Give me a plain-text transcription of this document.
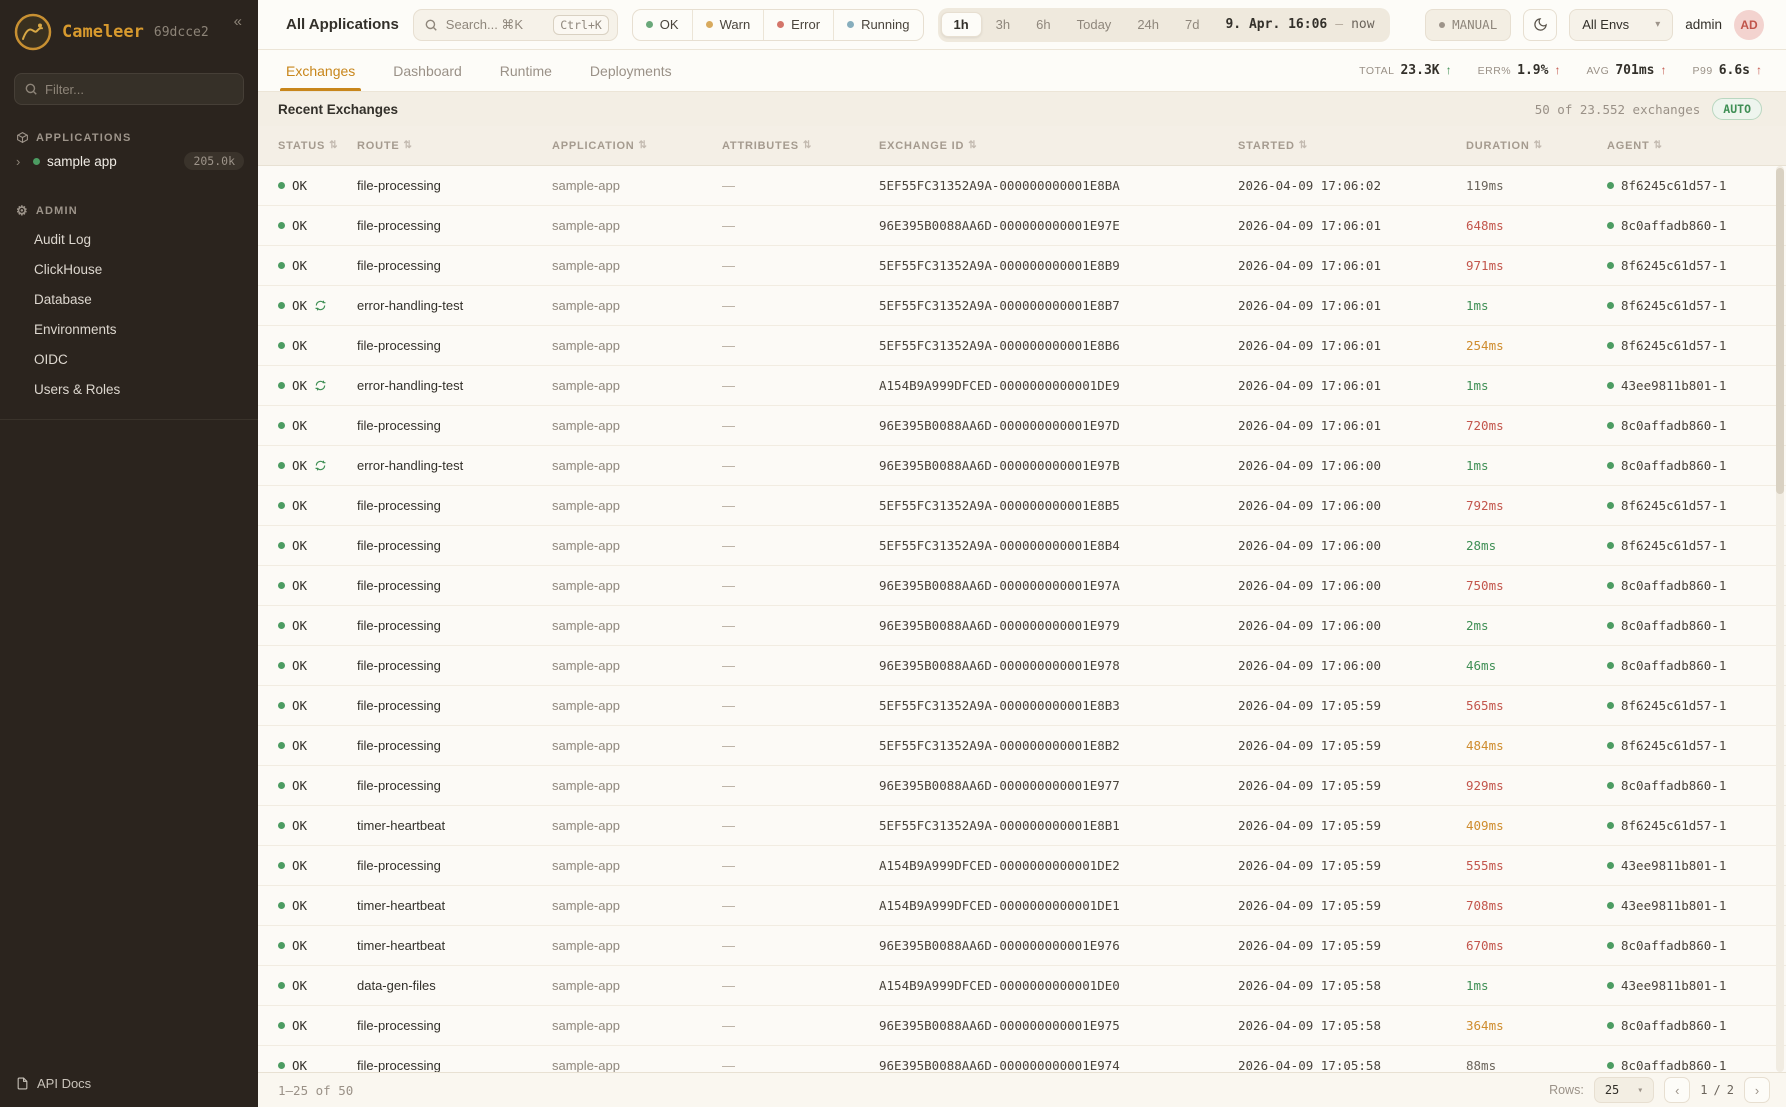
Cameleer 69dcce2
«
Filter...
APPLICATIONS
›	sample app	205.0k
⚙ ADMIN
Audit Log
ClickHouse
Database
Environments
OIDC
Users & Roles
API Docs
All Applications	Search... ⌘K	Ctrl+K	OK	Warn	Error	Running	1h	3h	6h	Today	24h	7d	9. Apr. 16:06 — now	MANUAL	All Envs	▾ admin	AD
Exchanges	Dashboard	Runtime	Deployments	TOTAL 23.3K ↑ ERR% 1.9% ↑ AVG 701ms ↑ P99 6.6s ↑
Recent Exchanges	50 of 23.552 exchanges	AUTO
STATUS ⇅ ROUTE ⇅	APPLICATION ⇅	ATTRIBUTES ⇅	EXCHANGE ID ⇅	STARTED ⇅	DURATION ⇅	AGENT ⇅
OK	file-processing	sample-app	—	5EF55FC31352A9A-000000000001E8BA	2026-04-09 17:06:02	119ms	8f6245c61d57-1
OK	file-processing	sample-app	—	96E395B0088AA6D-000000000001E97E	2026-04-09 17:06:01	648ms	8c0affadb860-1
OK	file-processing	sample-app	—	5EF55FC31352A9A-000000000001E8B9	2026-04-09 17:06:01	971ms	8f6245c61d57-1
OK	error-handling-test	sample-app	—	5EF55FC31352A9A-000000000001E8B7	2026-04-09 17:06:01	1ms	8f6245c61d57-1
OK	file-processing	sample-app	—	5EF55FC31352A9A-000000000001E8B6	2026-04-09 17:06:01	254ms	8f6245c61d57-1
OK	error-handling-test	sample-app	—	A154B9A999DFCED-0000000000001DE9	2026-04-09 17:06:01	1ms	43ee9811b801-1
OK	file-processing	sample-app	—	96E395B0088AA6D-000000000001E97D	2026-04-09 17:06:01	720ms	8c0affadb860-1
OK	error-handling-test	sample-app	—	96E395B0088AA6D-000000000001E97B	2026-04-09 17:06:00	1ms	8c0affadb860-1
OK	file-processing	sample-app	—	5EF55FC31352A9A-000000000001E8B5	2026-04-09 17:06:00	792ms	8f6245c61d57-1
OK	file-processing	sample-app	—	5EF55FC31352A9A-000000000001E8B4	2026-04-09 17:06:00	28ms	8f6245c61d57-1
OK	file-processing	sample-app	—	96E395B0088AA6D-000000000001E97A	2026-04-09 17:06:00	750ms	8c0affadb860-1
OK	file-processing	sample-app	—	96E395B0088AA6D-000000000001E979	2026-04-09 17:06:00	2ms	8c0affadb860-1
OK	file-processing	sample-app	—	96E395B0088AA6D-000000000001E978	2026-04-09 17:06:00	46ms	8c0affadb860-1
OK	file-processing	sample-app	—	5EF55FC31352A9A-000000000001E8B3	2026-04-09 17:05:59	565ms	8f6245c61d57-1
OK	file-processing	sample-app	—	5EF55FC31352A9A-000000000001E8B2	2026-04-09 17:05:59	484ms	8f6245c61d57-1
OK	file-processing	sample-app	—	96E395B0088AA6D-000000000001E977	2026-04-09 17:05:59	929ms	8c0affadb860-1
OK	timer-heartbeat	sample-app	—	5EF55FC31352A9A-000000000001E8B1	2026-04-09 17:05:59	409ms	8f6245c61d57-1
OK	file-processing	sample-app	—	A154B9A999DFCED-0000000000001DE2	2026-04-09 17:05:59	555ms	43ee9811b801-1
OK	timer-heartbeat	sample-app	—	A154B9A999DFCED-0000000000001DE1	2026-04-09 17:05:59	708ms	43ee9811b801-1
OK	timer-heartbeat	sample-app	—	96E395B0088AA6D-000000000001E976	2026-04-09 17:05:59	670ms	8c0affadb860-1
OK	data-gen-files	sample-app	—	A154B9A999DFCED-0000000000001DE0	2026-04-09 17:05:58	1ms	43ee9811b801-1
OK	file-processing	sample-app	—	96E395B0088AA6D-000000000001E975	2026-04-09 17:05:58	364ms	8c0affadb860-1
OK	file-processing	sample-app	—	96E395B0088AA6D-000000000001E974	2026-04-09 17:05:58	88ms	8c0affadb860-1
1–25 of 50	Rows: 25 ▾	‹	1 / 2	›
